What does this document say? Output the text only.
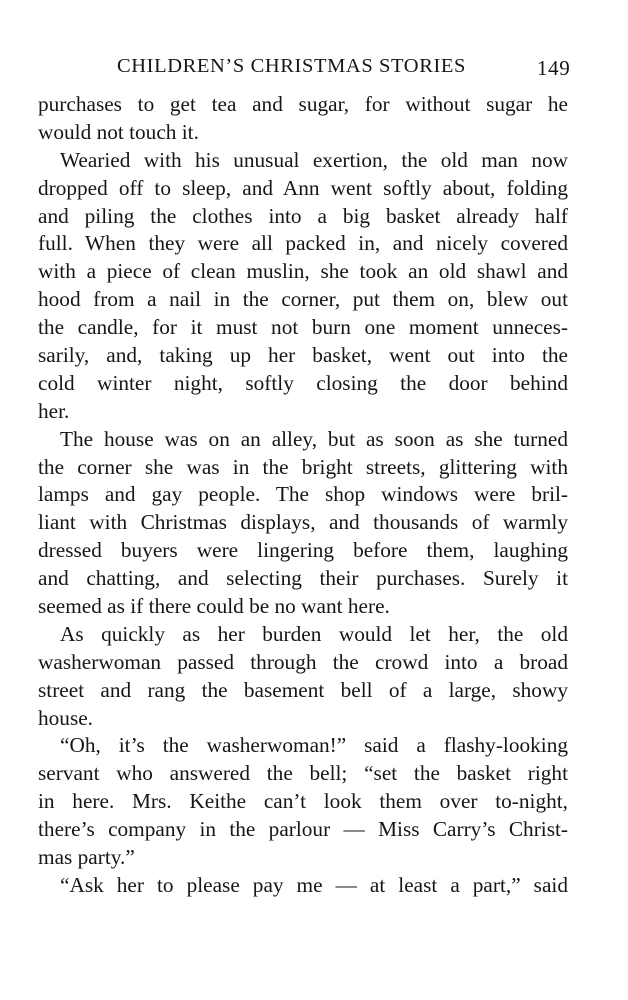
CHILDREN’S CHRISTMAS STORIES	149
purchases to get tea and sugar, for without sugar he
would not touch it.
Wearied with his unusual exertion, the old man now
dropped off to sleep, and Ann went softly about, folding
and piling the clothes into a big basket already half
full. When they were all packed in, and nicely covered
with a piece of clean muslin, she took an old shawl and
hood from a nail in the corner, put them on, blew out
the candle, for it must not burn one moment unneces-
sarily, and, taking up her basket, went out into the
cold winter night, softly closing the door behind
her.
The house was on an alley, but as soon as she turned
the corner she was in the bright streets, glittering with
lamps and gay people. The shop windows were bril-
liant with Christmas displays, and thousands of warmly
dressed buyers were lingering before them, laughing
and chatting, and selecting their purchases. Surely it
seemed as if there could be no want here.
As quickly as her burden would let her, the old
washerwoman passed through the crowd into a broad
street and rang the basement bell of a large, showy
house.
“Oh, it’s the washerwoman!” said a flashy-looking
servant who answered the bell; “set the basket right
in here. Mrs. Keithe can’t look them over to-night,
there’s company in the parlour — Miss Carry’s Christ-
mas party.”
“Ask her to please pay me — at least a part,” said
